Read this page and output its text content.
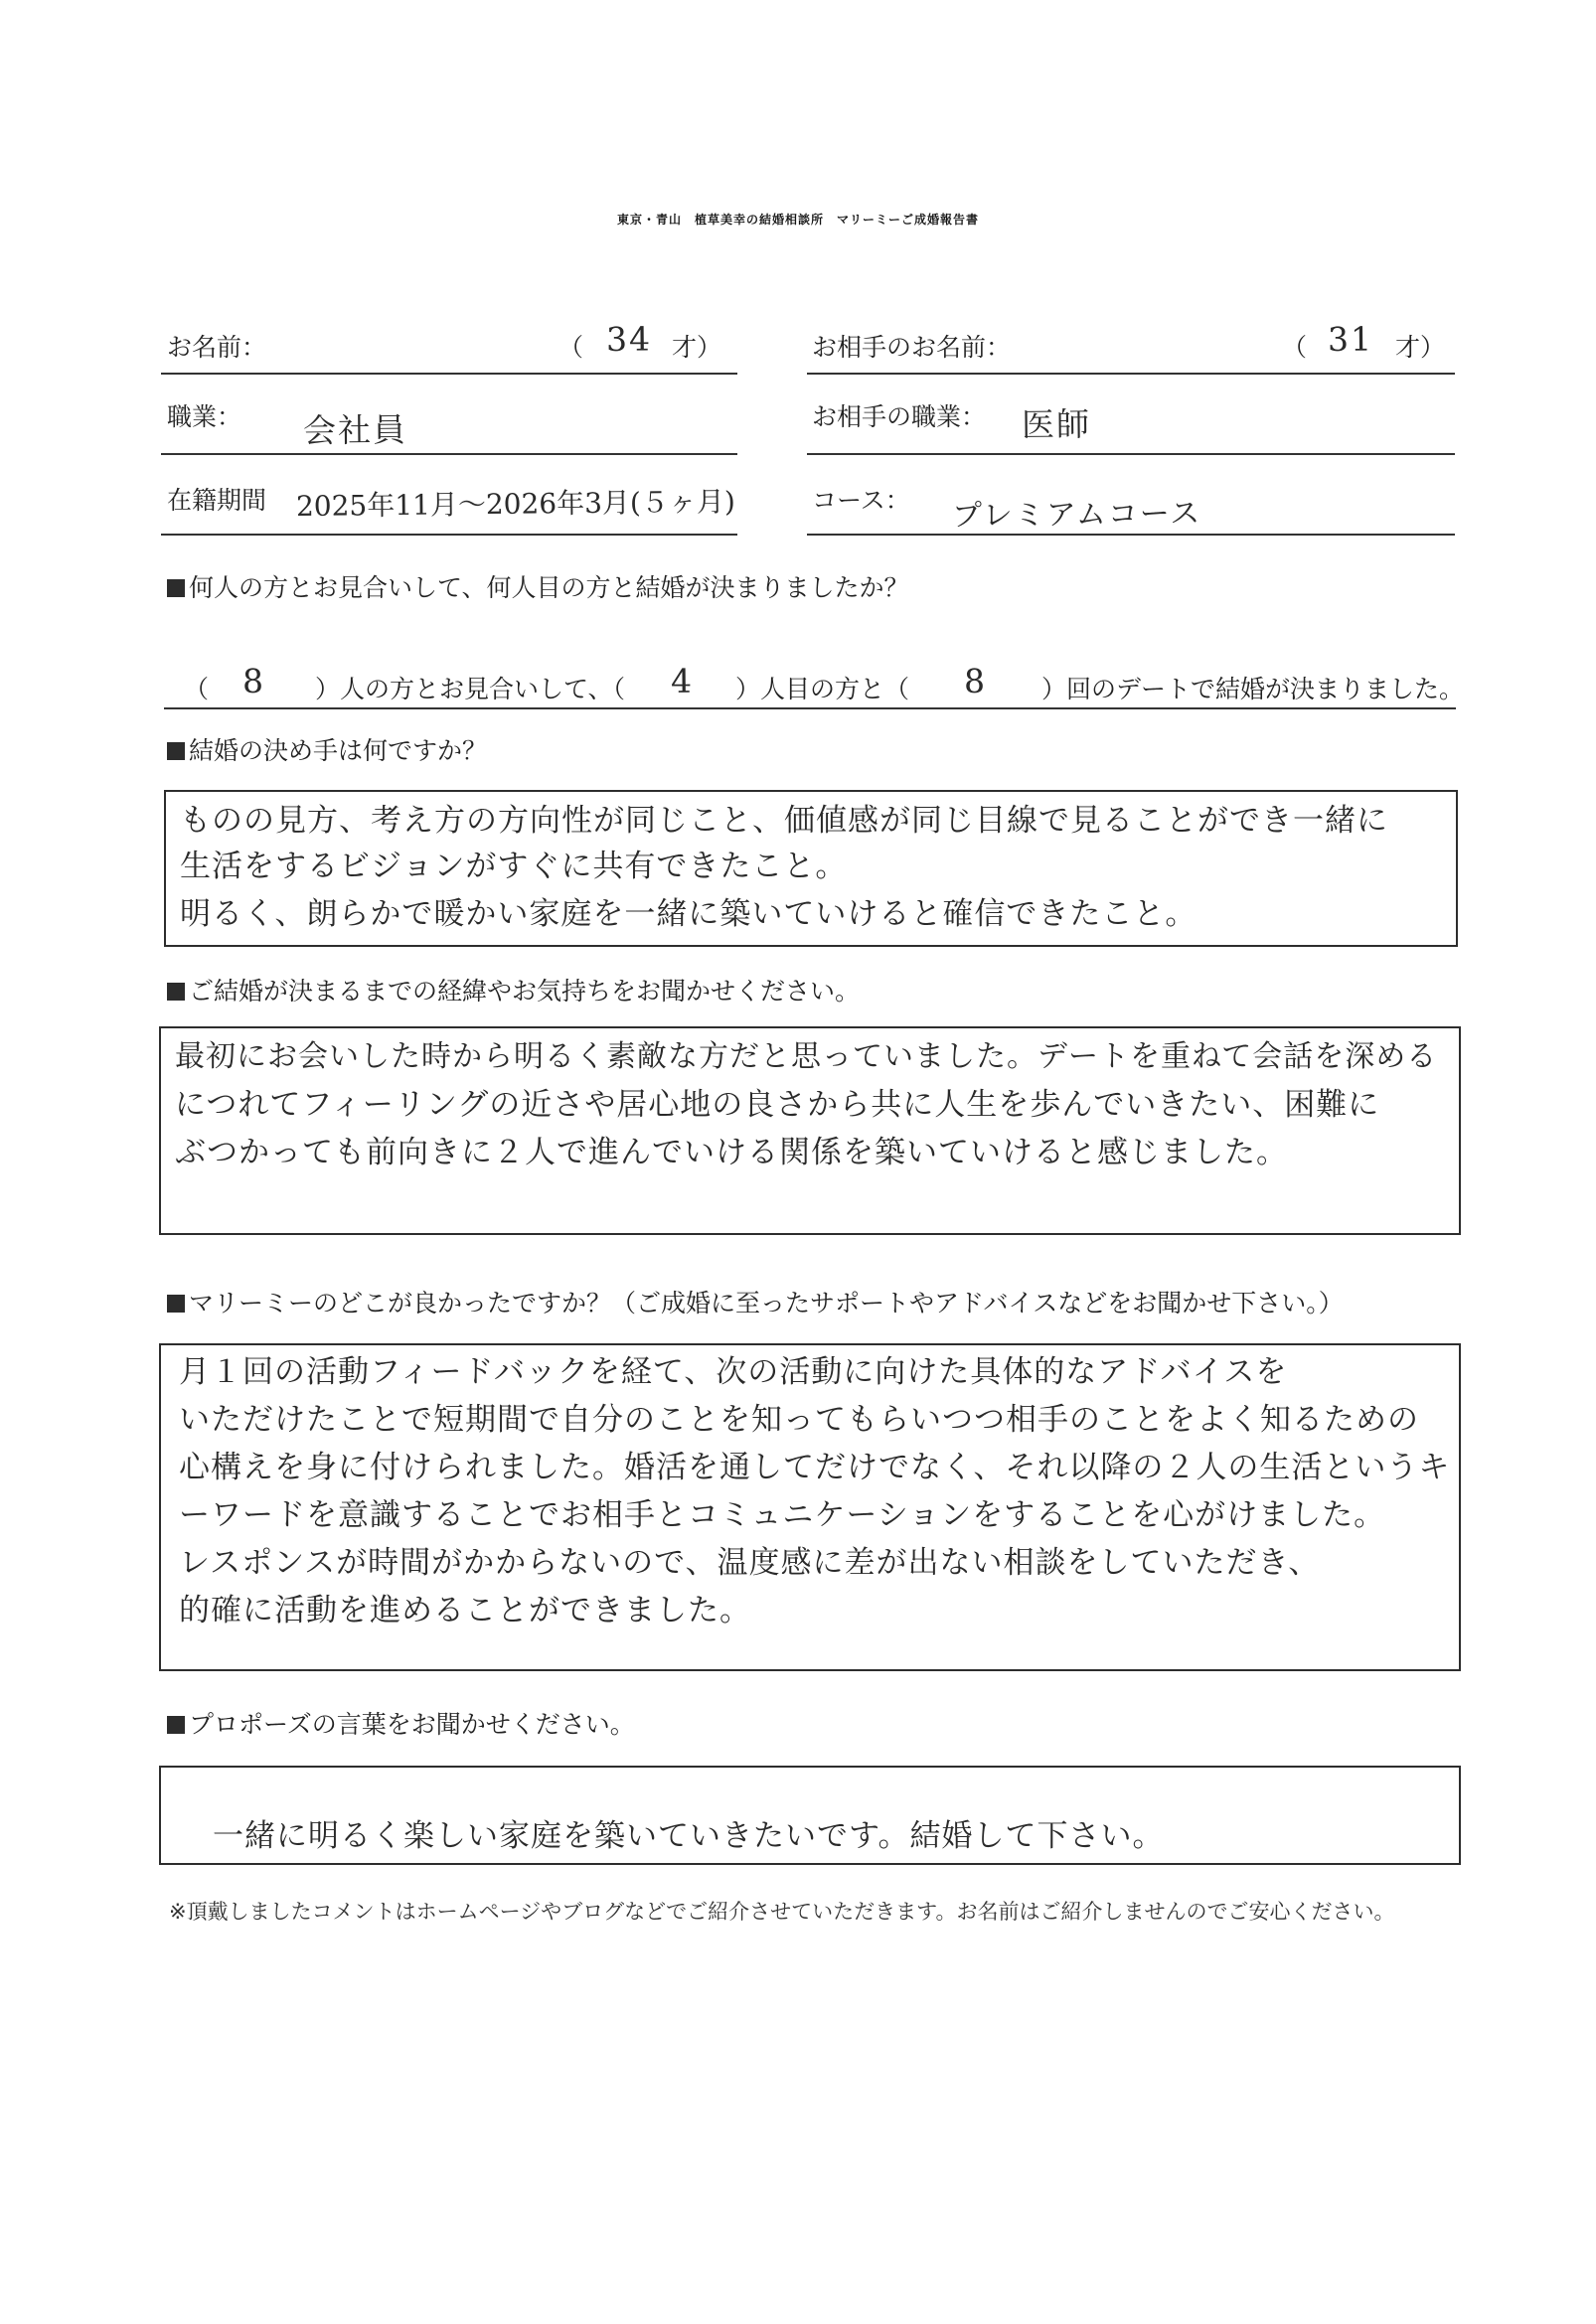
東京・青山　植草美幸の結婚相談所　マリーミーご成婚報告書
お名前：	（ 34 才）	お相手のお名前：	（ 31 才）
職業： 会社員	お相手の職業： 医師
在籍期間 2025年11月～2026年3月(５ヶ月)	コース： プレミアムコース
何人の方とお見合いして、何人目の方と結婚が決まりましたか？
（ 8 ）人の方とお見合いして、（ 4 ）人目の方と（ 8 ）回のデートで結婚が決まりました。
結婚の決め手は何ですか？
ものの見方、考え方の方向性が同じこと、価値感が同じ目線で見ることができ一緒に
生活をするビジョンがすぐに共有できたこと。
明るく、朗らかで暖かい家庭を一緒に築いていけると確信できたこと。
ご結婚が決まるまでの経緯やお気持ちをお聞かせください。
最初にお会いした時から明るく素敵な方だと思っていました。デートを重ねて会話を深める
につれてフィーリングの近さや居心地の良さから共に人生を歩んでいきたい、困難に
ぶつかっても前向きに２人で進んでいける関係を築いていけると感じました。
マリーミーのどこが良かったですか？（ご成婚に至ったサポートやアドバイスなどをお聞かせ下さい。）
月１回の活動フィードバックを経て、次の活動に向けた具体的なアドバイスを
いただけたことで短期間で自分のことを知ってもらいつつ相手のことをよく知るための
心構えを身に付けられました。婚活を通してだけでなく、それ以降の２人の生活というキ
ーワードを意識することでお相手とコミュニケーションをすることを心がけました。
レスポンスが時間がかからないので、温度感に差が出ない相談をしていただき、
的確に活動を進めることができました。
プロポーズの言葉をお聞かせください。
一緒に明るく楽しい家庭を築いていきたいです。結婚して下さい。
※頂戴しましたコメントはホームページやブログなどでご紹介させていただきます。お名前はご紹介しませんのでご安心ください。
